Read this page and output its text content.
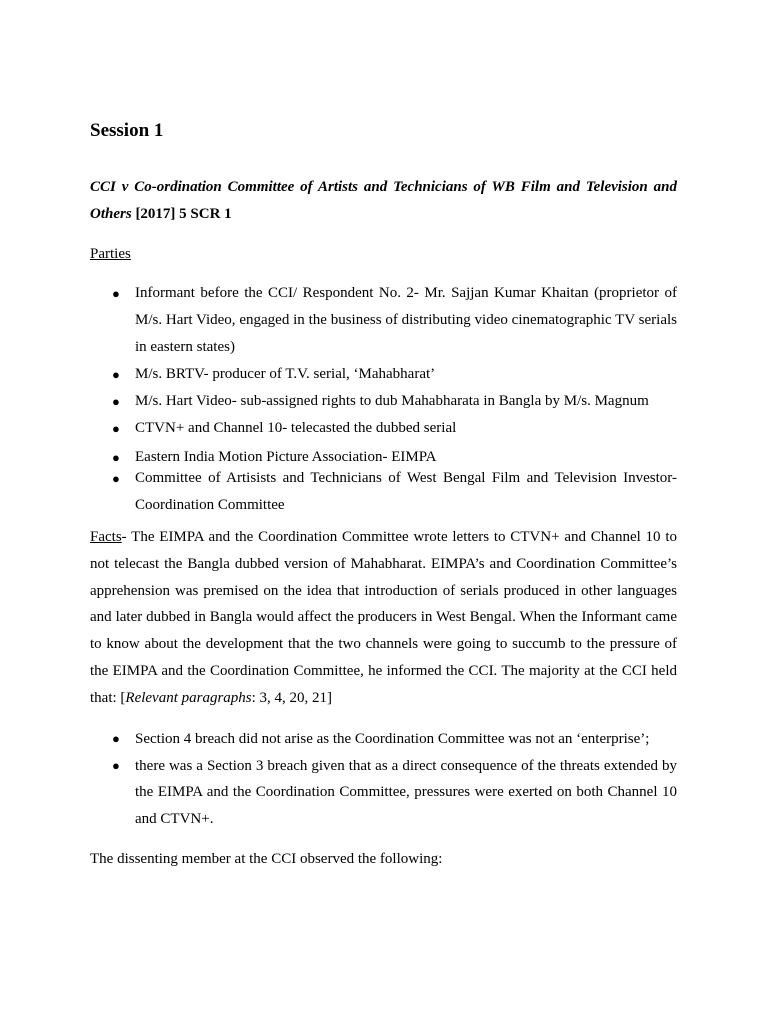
Session 1

CCI v Co-ordination Committee of Artists and Technicians of WB Film and Television and Others [2017] 5 SCR 1

Parties

● Informant before the CCI/ Respondent No. 2- Mr. Sajjan Kumar Khaitan (proprietor of M/s. Hart Video, engaged in the business of distributing video cinematographic TV serials in eastern states)
● M/s. BRTV- producer of T.V. serial, ‘Mahabharat’
● M/s. Hart Video- sub-assigned rights to dub Mahabharata in Bangla by M/s. Magnum
● CTVN+ and Channel 10- telecasted the dubbed serial
● Eastern India Motion Picture Association- EIMPA
● Committee of Artisists and Technicians of West Bengal Film and Television Investor-Coordination Committee

Facts- The EIMPA and the Coordination Committee wrote letters to CTVN+ and Channel 10 to not telecast the Bangla dubbed version of Mahabharat. EIMPA’s and Coordination Committee’s apprehension was premised on the idea that introduction of serials produced in other languages and later dubbed in Bangla would affect the producers in West Bengal. When the Informant came to know about the development that the two channels were going to succumb to the pressure of the EIMPA and the Coordination Committee, he informed the CCI. The majority at the CCI held that: [Relevant paragraphs: 3, 4, 20, 21]

● Section 4 breach did not arise as the Coordination Committee was not an ‘enterprise’;
● there was a Section 3 breach given that as a direct consequence of the threats extended by the EIMPA and the Coordination Committee, pressures were exerted on both Channel 10 and CTVN+.

The dissenting member at the CCI observed the following:
